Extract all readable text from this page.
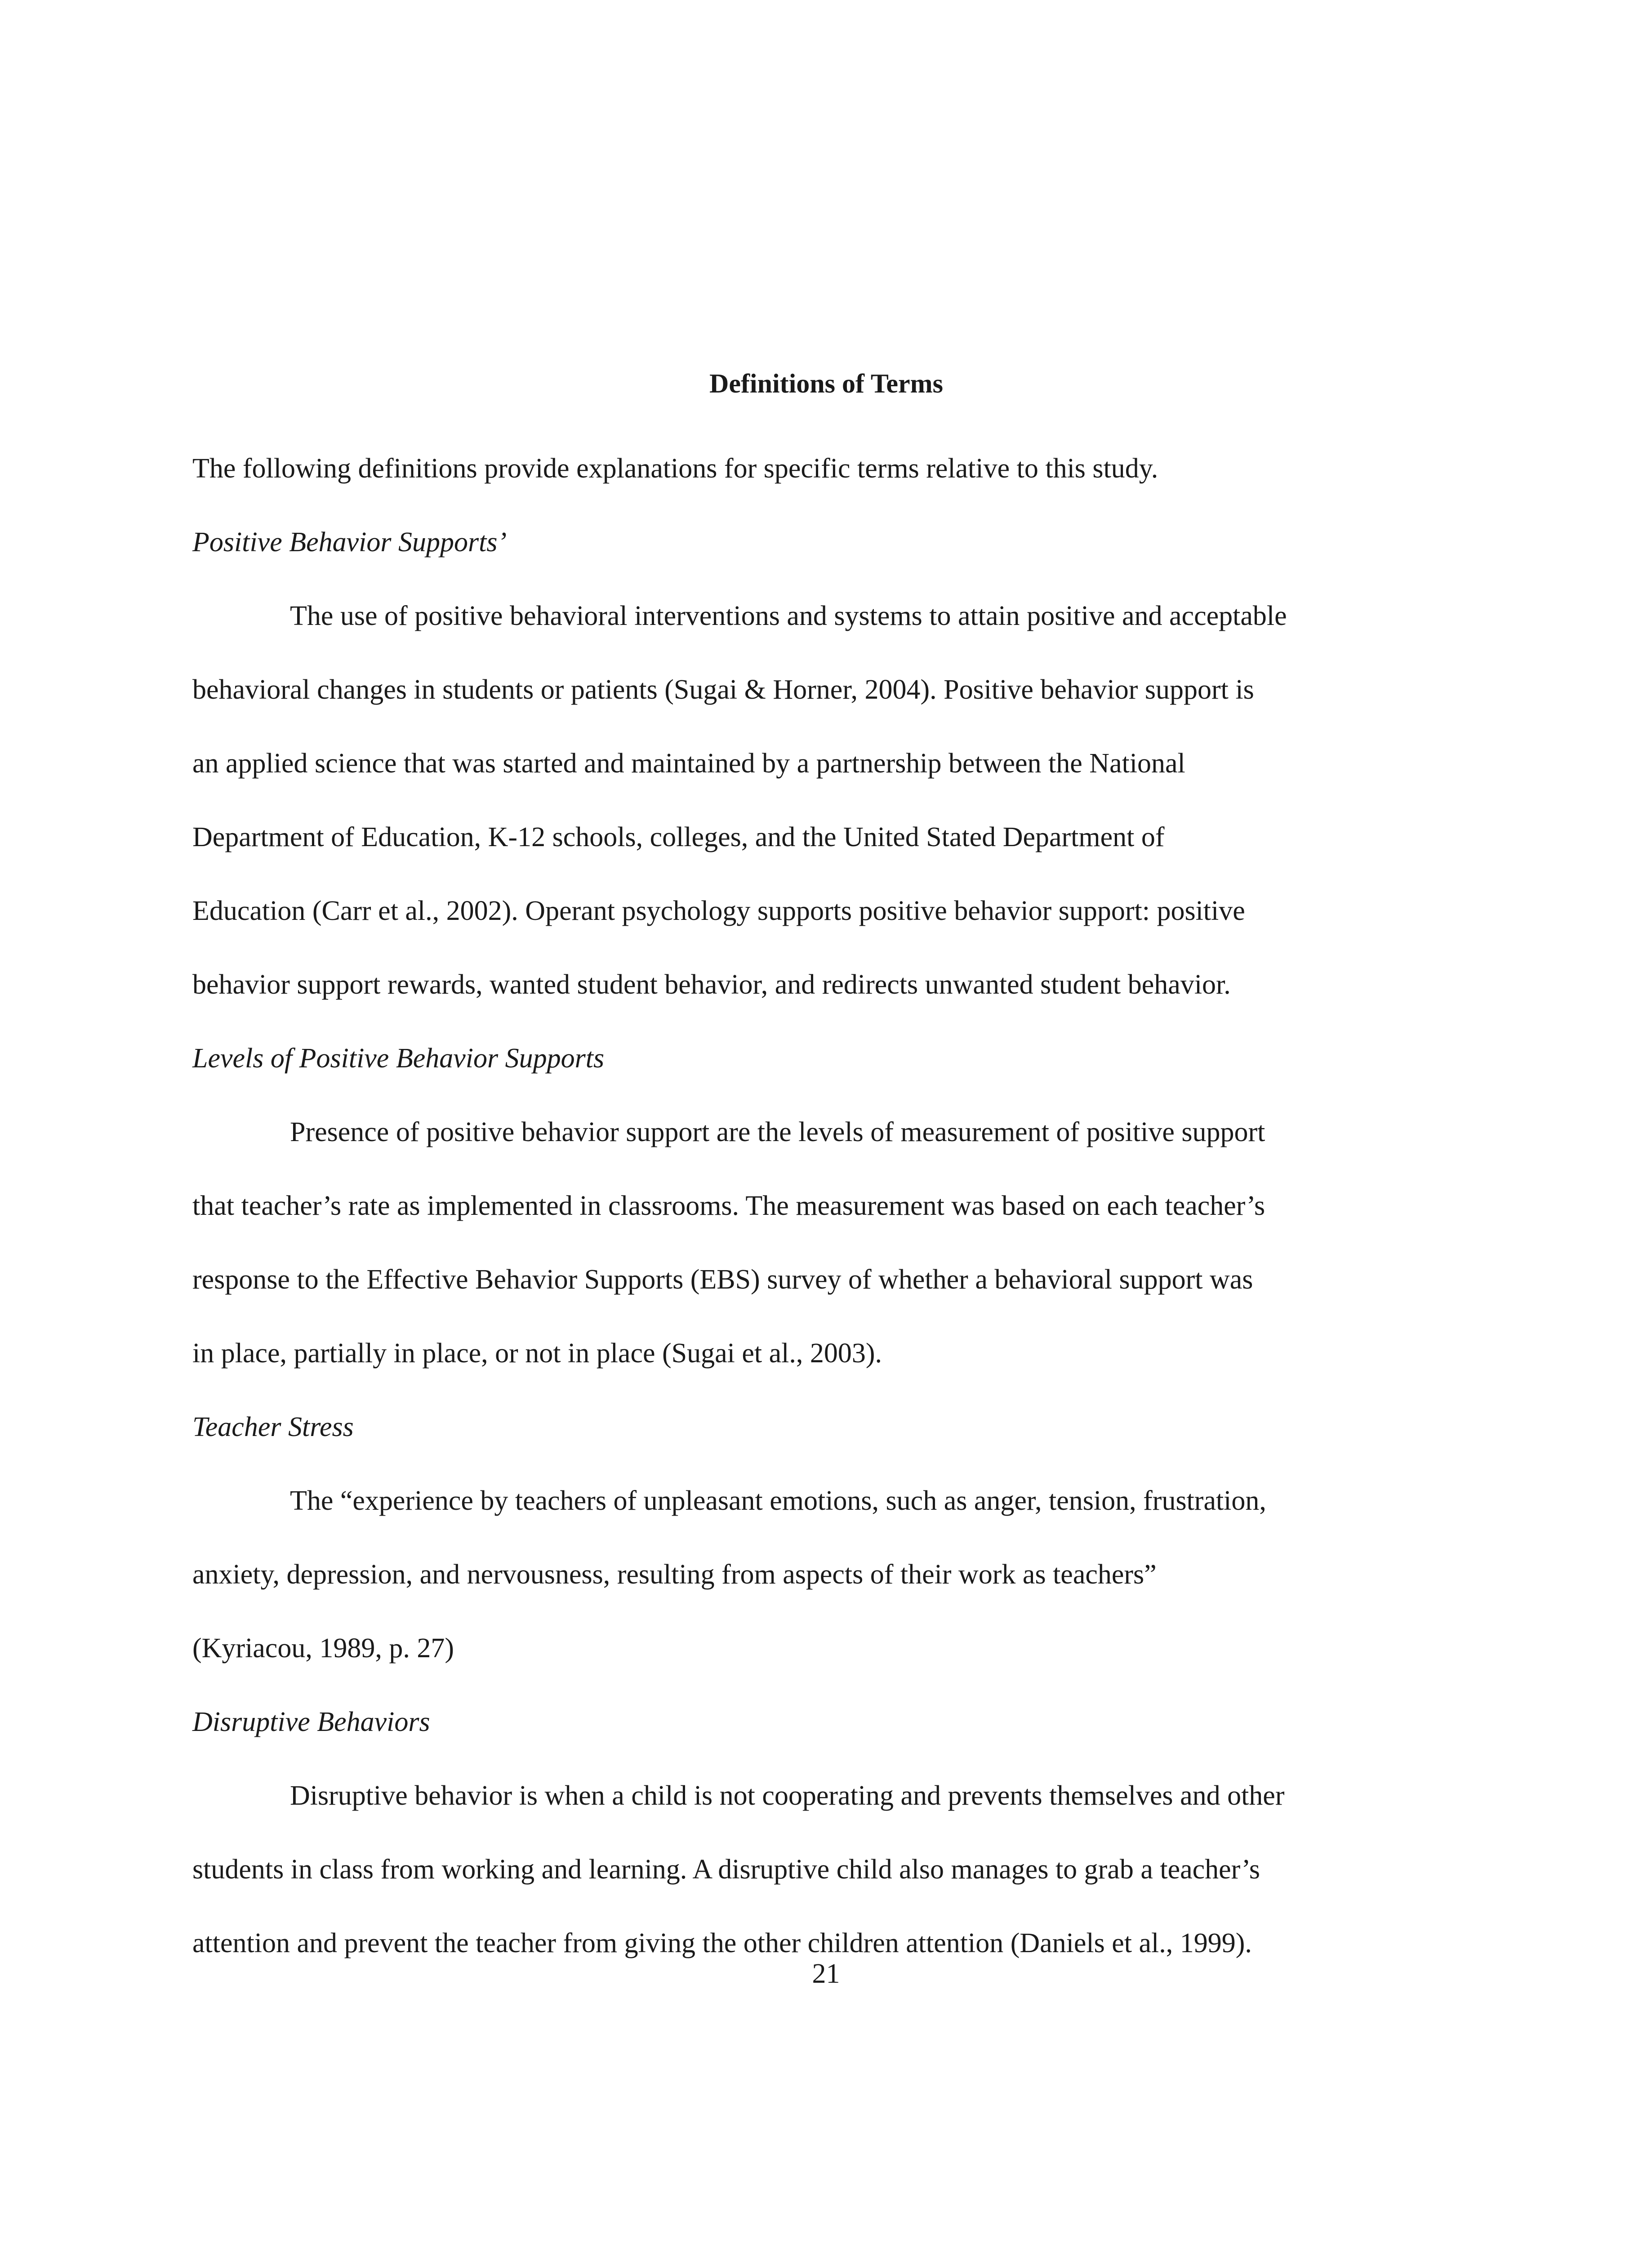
Definitions of Terms

The following definitions provide explanations for specific terms relative to this study.

Positive Behavior Supports’

The use of positive behavioral interventions and systems to attain positive and acceptable

behavioral changes in students or patients (Sugai & Horner, 2004). Positive behavior support is

an applied science that was started and maintained by a partnership between the National

Department of Education, K-12 schools, colleges, and the United Stated Department of

Education (Carr et al., 2002). Operant psychology supports positive behavior support: positive

behavior support rewards, wanted student behavior, and redirects unwanted student behavior.

Levels of Positive Behavior Supports

Presence of positive behavior support are the levels of measurement of positive support

that teacher’s rate as implemented in classrooms. The measurement was based on each teacher’s

response to the Effective Behavior Supports (EBS) survey of whether a behavioral support was

in place, partially in place, or not in place (Sugai et al., 2003).

Teacher Stress

The “experience by teachers of unpleasant emotions, such as anger, tension, frustration,

anxiety, depression, and nervousness, resulting from aspects of their work as teachers”

(Kyriacou, 1989, p. 27)

Disruptive Behaviors

Disruptive behavior is when a child is not cooperating and prevents themselves and other

students in class from working and learning. A disruptive child also manages to grab a teacher’s

attention and prevent the teacher from giving the other children attention (Daniels et al., 1999).

21
